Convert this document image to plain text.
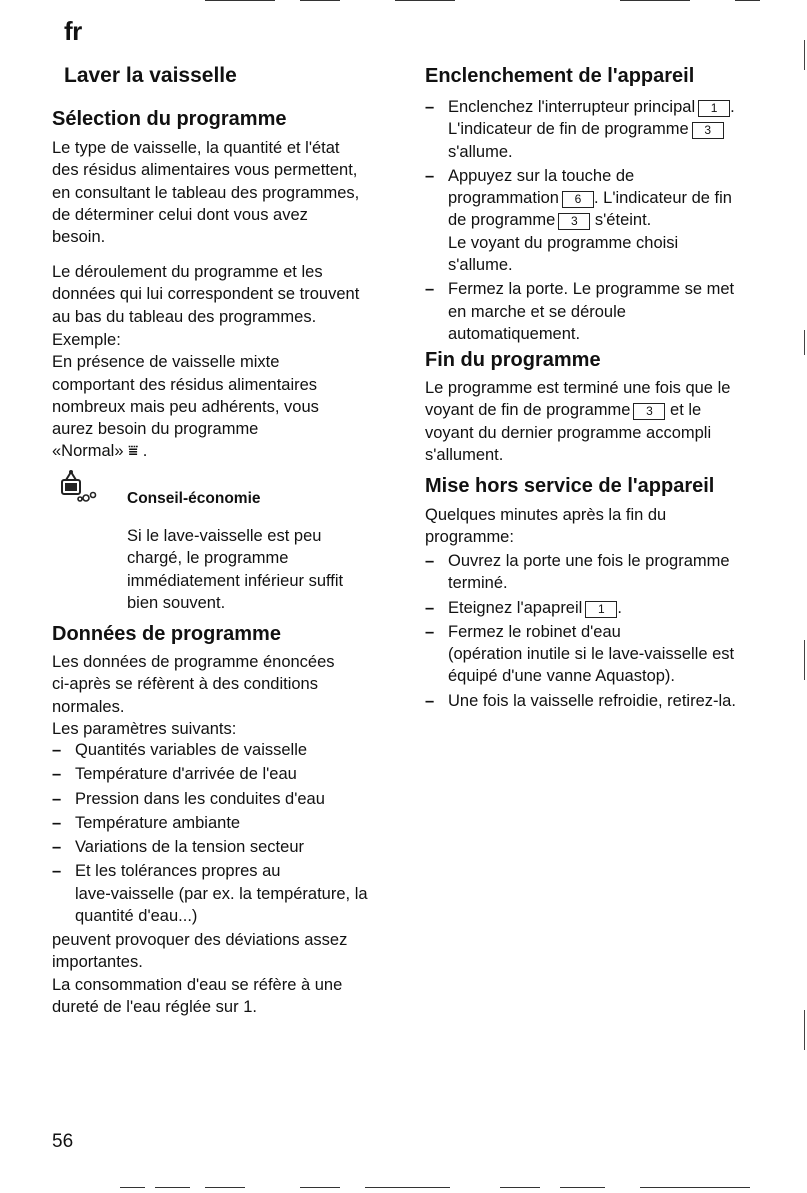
fr
Laver la vaisselle
Sélection du programme

Le type de vaisselle, la quantité et l'état
des résidus alimentaires vous permettent,
en consultant le tableau des programmes,
de déterminer celui dont vous avez
besoin.

Le déroulement du programme et les
données qui lui correspondent se trouvent
au bas du tableau des programmes.

Exemple:
En présence de vaisselle mixte
comportant des résidus alimentaires
nombreux mais peu adhérents, vous
aurez besoin du programme
«Normal» ⩸ .

Conseil-économie

Si le lave-vaisselle est peu
chargé, le programme
immédiatement inférieur suffit
bien souvent.

Données de programme

Les données de programme énoncées
ci-après se réfèrent à des conditions
normales.
Les paramètres suivants:

– Quantités variables de vaisselle
– Température d'arrivée de l'eau
– Pression dans les conduites d'eau
– Température ambiante
– Variations de la tension secteur
– Et les tolérances propres au
lave-vaisselle (par ex. la température, la
quantité d'eau...)

peuvent provoquer des déviations assez
importantes.
La consommation d'eau se réfère à une
dureté de l'eau réglée sur 1.

Enclenchement de l'appareil
– Enclenchez l'interrupteur principal 1 .
L'indicateur de fin de programme 3
s'allume.
– Appuyez sur la touche de
programmation 6 . L'indicateur de fin
de programme 3 s'éteint.
Le voyant du programme choisi
s'allume.
– Fermez la porte. Le programme se met
en marche et se déroule
automatiquement.
Fin du programme

Le programme est terminé une fois que le
voyant de fin de programme 3 et le
voyant du dernier programme accompli
s'allument.

Mise hors service de l'appareil

Quelques minutes après la fin du
programme:

– Ouvrez la porte une fois le programme
terminé.
– Eteignez l'apapreil 1 .
– Fermez le robinet d'eau
(opération inutile si le lave-vaisselle est
équipé d'une vanne Aquastop).
– Une fois la vaisselle refroidie, retirez-la.
56
